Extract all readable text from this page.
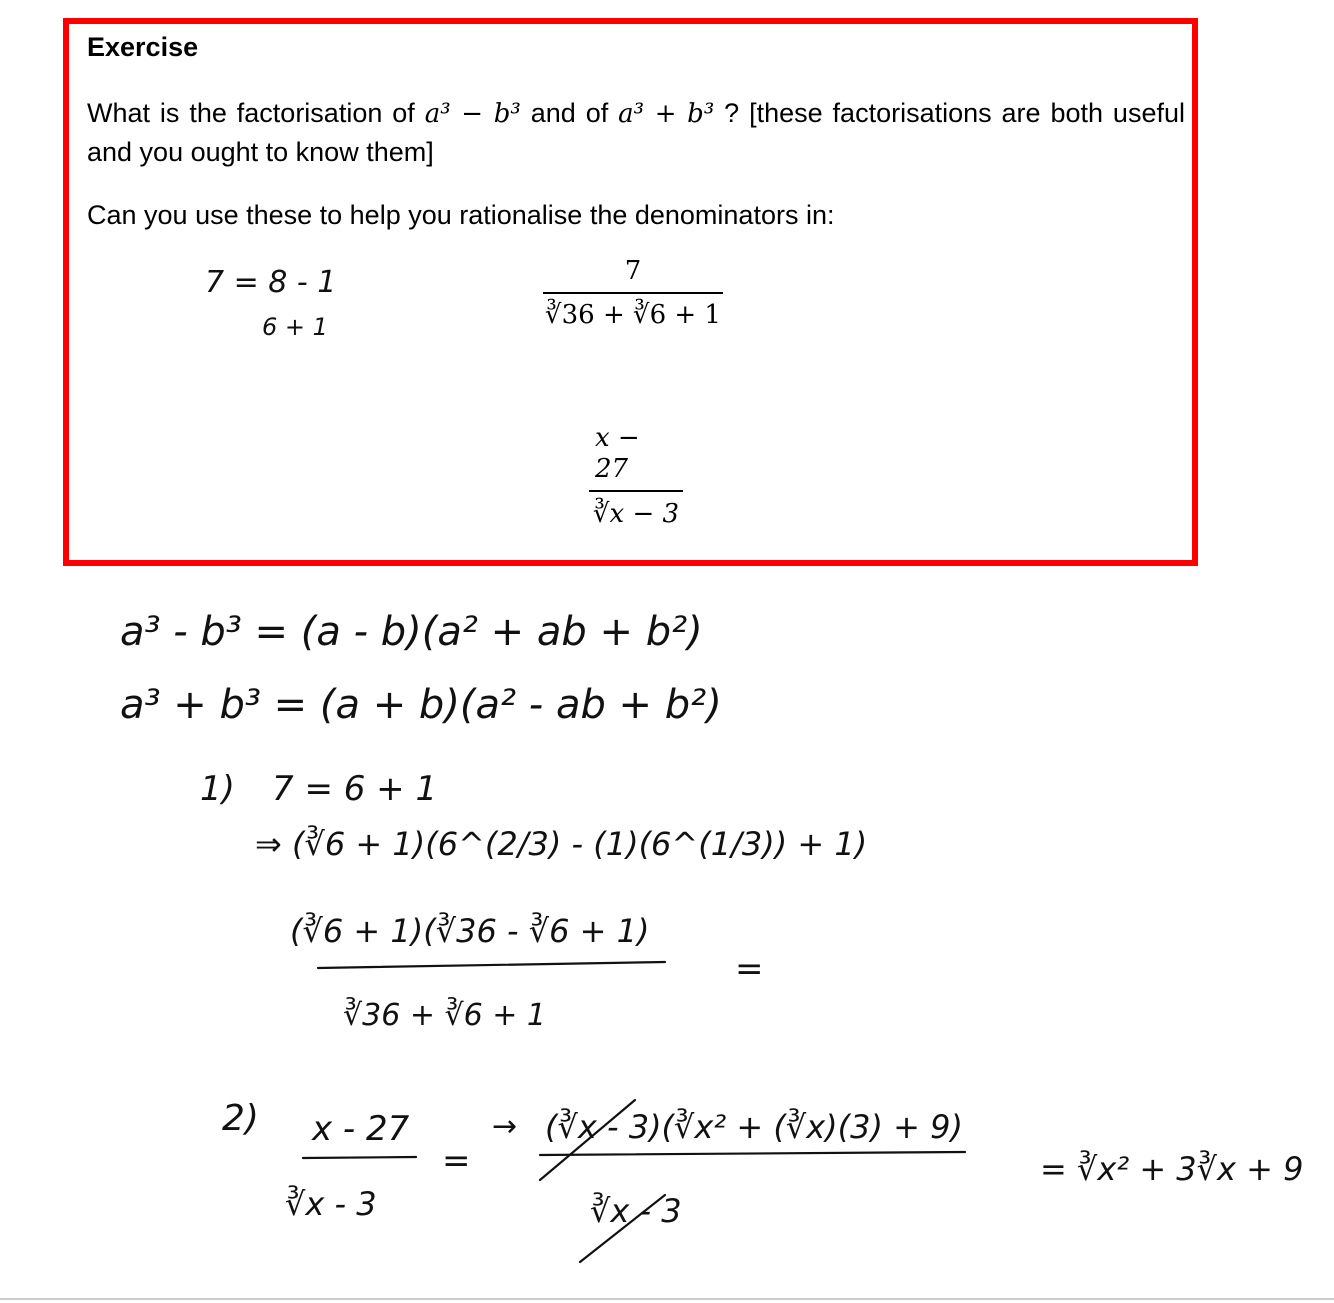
Exercise
What is the factorisation of a³ − b³ and of a³ + b³ ? [these factorisations are both useful and you ought to know them]
Can you use these to help you rationalise the denominators in:
7
∛36 + ∛6 + 1
x − 27
∛x − 3
7 = 8 - 1
6 + 1
a³ - b³ = (a - b)(a² + ab + b²)
a³ + b³ = (a + b)(a² - ab + b²)
1) 7 = 6 + 1
⇒ (∛6 + 1)(6^(2/3) - (1)(6^(1/3)) + 1)
(∛6 + 1)(∛36 - ∛6 + 1)
=
∛36 + ∛6 + 1
2) x - 27
∛x - 3
=
→ (∛x - 3)(∛x² + (∛x)(3) + 9)
∛x - 3
= ∛x² + 3∛x + 9
